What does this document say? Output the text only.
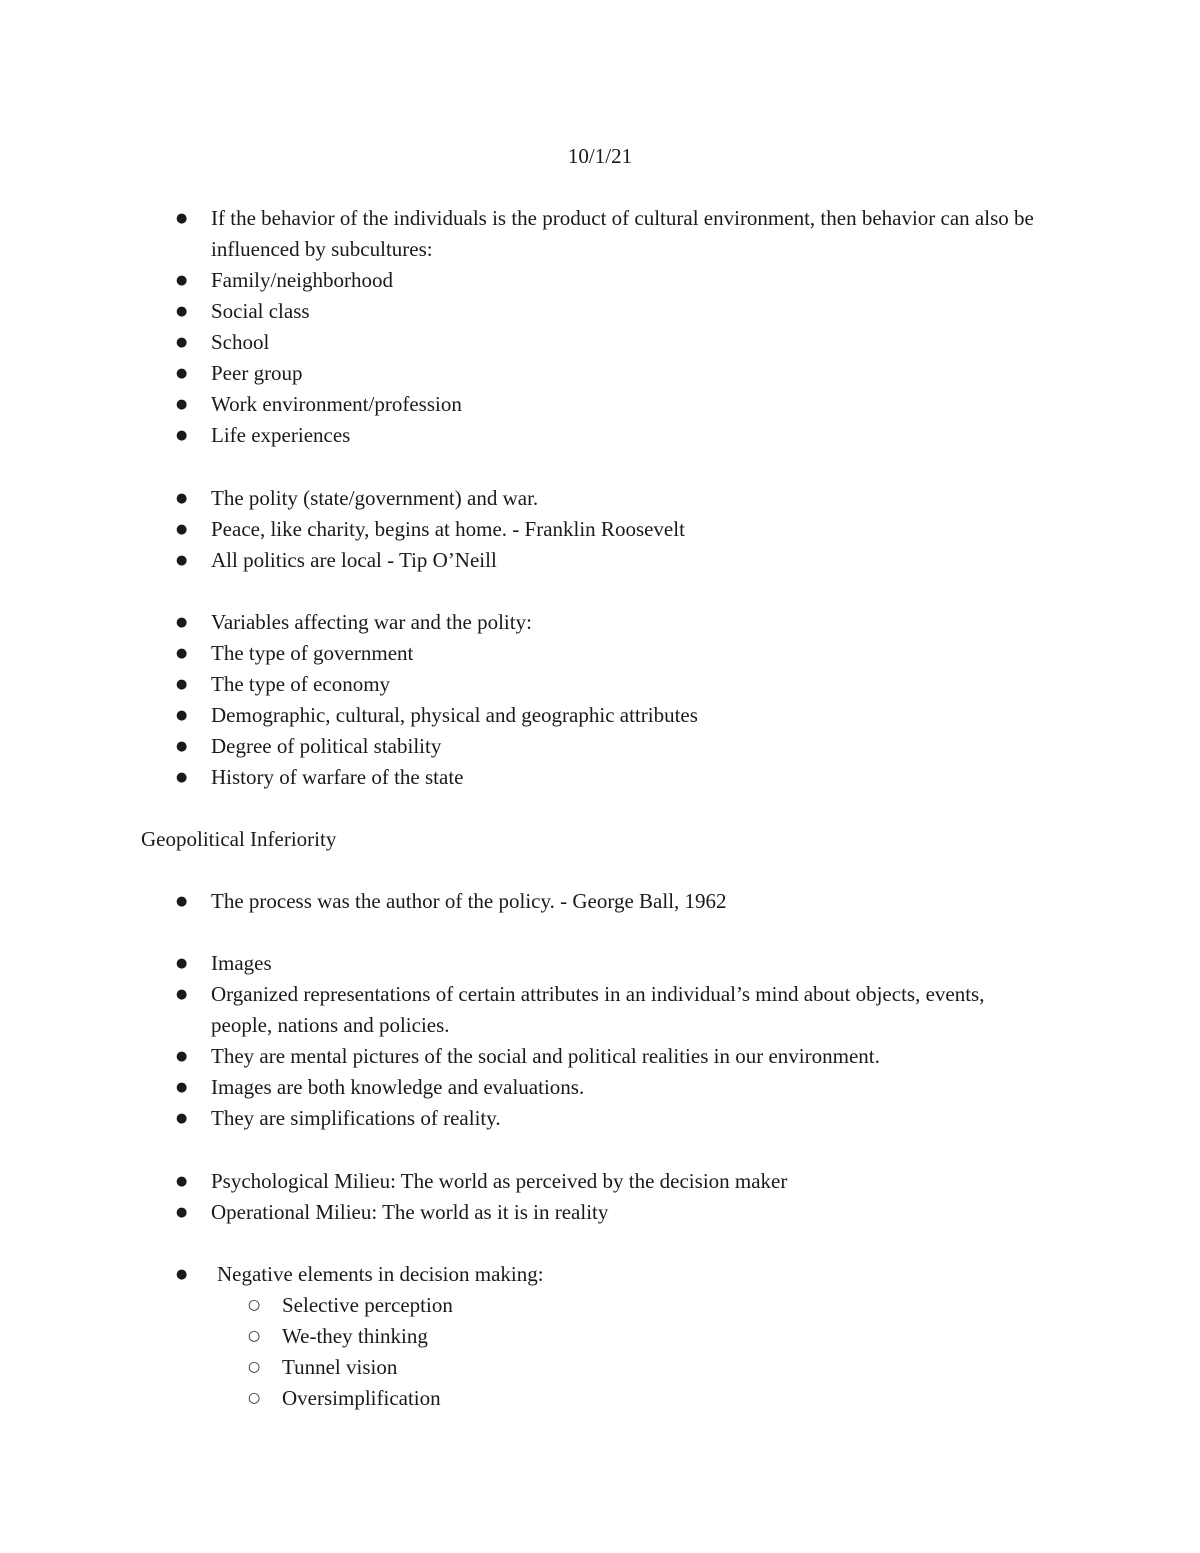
10/1/21
● If the behavior of the individuals is the product of cultural environment, then behavior can also be influenced by subcultures:
● Family/neighborhood
● Social class
● School
● Peer group
● Work environment/profession
● Life experiences
● The polity (state/government) and war.
● Peace, like charity, begins at home. - Franklin Roosevelt
● All politics are local - Tip O’Neill
● Variables affecting war and the polity:
● The type of government
● The type of economy
● Demographic, cultural, physical and geographic attributes
● Degree of political stability
● History of warfare of the state
Geopolitical Inferiority
● The process was the author of the policy. - George Ball, 1962
● Images
● Organized representations of certain attributes in an individual’s mind about objects, events, people, nations and policies.
● They are mental pictures of the social and political realities in our environment.
● Images are both knowledge and evaluations.
● They are simplifications of reality.
● Psychological Milieu: The world as perceived by the decision maker
● Operational Milieu: The world as it is in reality
● Negative elements in decision making:
○ Selective perception
○ We-they thinking
○ Tunnel vision
○ Oversimplification
